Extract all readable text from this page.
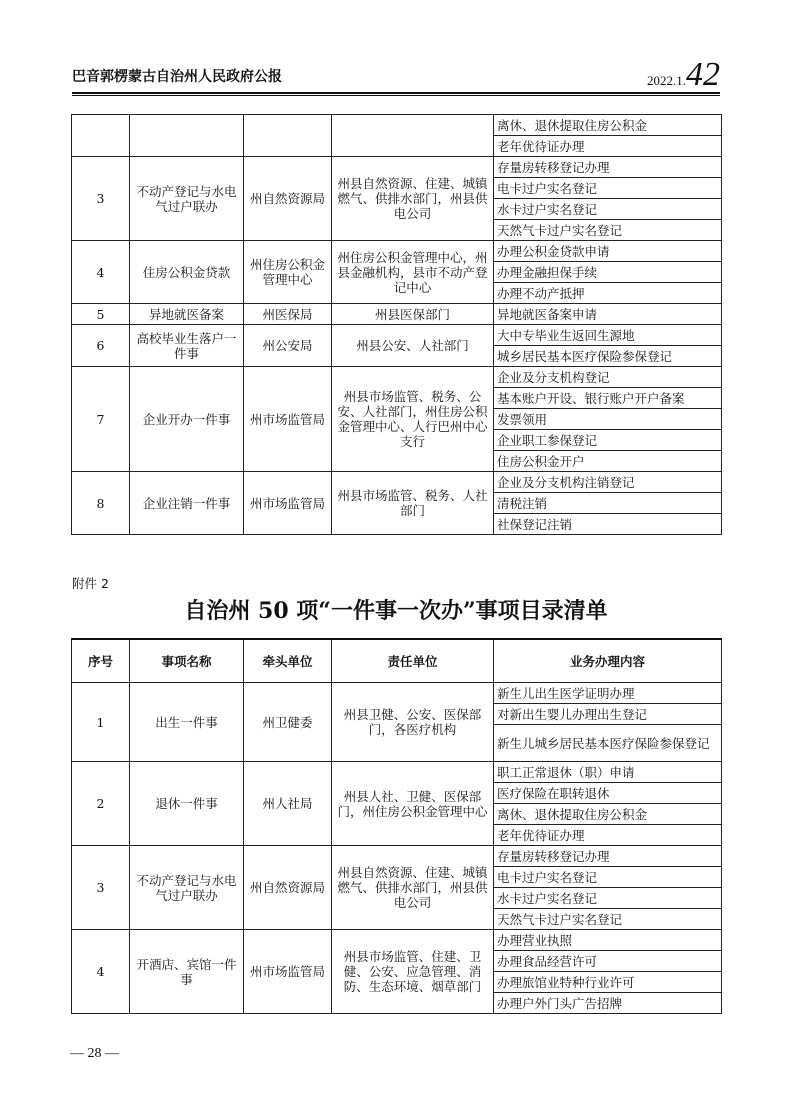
巴音郭楞蒙古自治州人民政府公报	2022.1.42
				离休、退休提取住房公积金
				老年优待证办理
3	不动产登记与水电气过户联办	州自然资源局	州县自然资源、住建、城镇燃气、供排水部门，州县供电公司	存量房转移登记办理
				电卡过户实名登记
				水卡过户实名登记
				天然气卡过户实名登记
4	住房公积金贷款	州住房公积金管理中心	州住房公积金管理中心，州县金融机构，县市不动产登记中心	办理公积金贷款申请
				办理金融担保手续
				办理不动产抵押
5	异地就医备案	州医保局	州县医保部门	异地就医备案申请
6	高校毕业生落户一件事	州公安局	州县公安、人社部门	大中专毕业生返回生源地
				城乡居民基本医疗保险参保登记
7	企业开办一件事	州市场监管局	州县市场监管、税务、公安、人社部门，州住房公积金管理中心、人行巴州中心支行	企业及分支机构登记
				基本账户开设、银行账户开户备案
				发票领用
				企业职工参保登记
				住房公积金开户
8	企业注销一件事	州市场监管局	州县市场监管、税务、人社部门	企业及分支机构注销登记
				清税注销
				社保登记注销
附件 2
自治州 50 项“一件事一次办”事项目录清单
序号	事项名称	牵头单位	责任单位	业务办理内容
1	出生一件事	州卫健委	州县卫健、公安、医保部门，各医疗机构	新生儿出生医学证明办理
				对新出生婴儿办理出生登记
				新生儿城乡居民基本医疗保险参保登记
2	退休一件事	州人社局	州县人社、卫健、医保部门，州住房公积金管理中心	职工正常退休（职）申请
				医疗保险在职转退休
				离休、退休提取住房公积金
				老年优待证办理
3	不动产登记与水电气过户联办	州自然资源局	州县自然资源、住建、城镇燃气、供排水部门，州县供电公司	存量房转移登记办理
				电卡过户实名登记
				水卡过户实名登记
				天然气卡过户实名登记
4	开酒店、宾馆一件事	州市场监管局	州县市场监管、住建、卫健、公安、应急管理、消防、生态环境、烟草部门	办理营业执照
				办理食品经营许可
				办理旅馆业特种行业许可
				办理户外门头广告招牌
— 28 —
